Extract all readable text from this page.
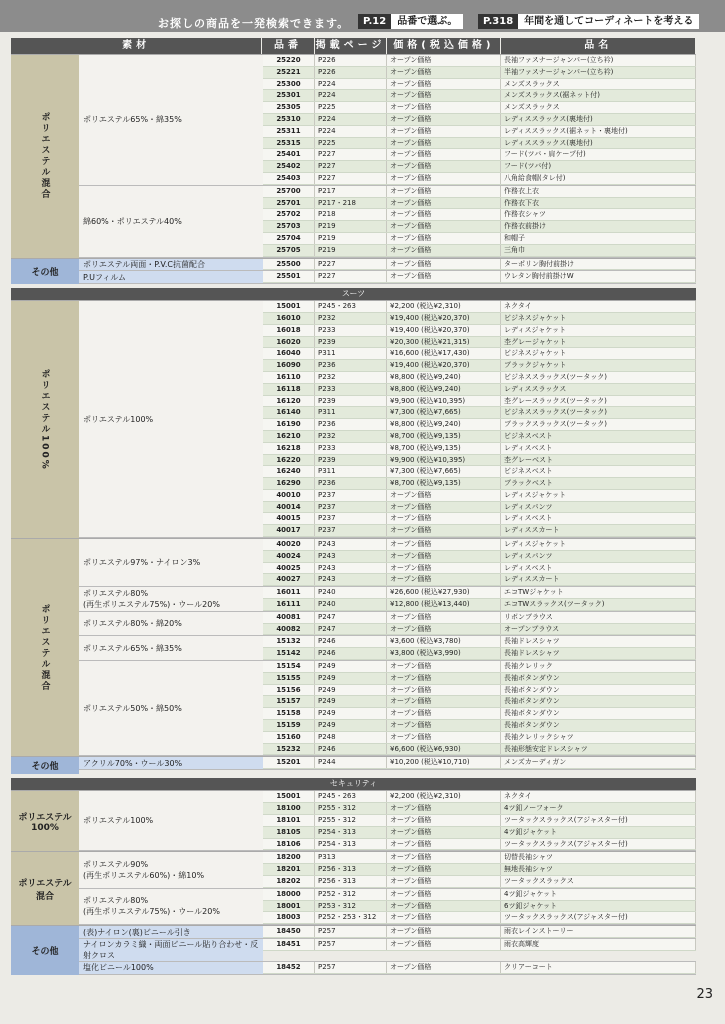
お探しの商品を一発検索できます。	P.12	品番で選ぶ。	P.318	年間を通してコーディネートを考える
素材	品番	掲載ページ 価格(税込価格)	品名
ポリエステル混合	ポリエステル65%・綿35%
25220	P226	オープン価格	長袖ファスナージャンパー(立ち衿)
25221	P226	オープン価格	半袖ファスナージャンパー(立ち衿)
25300	P224	オープン価格	メンズスラックス
25301	P224	オープン価格	メンズスラックス(裾ネット付)
25305	P225	オープン価格	メンズスラックス
25310	P224	オープン価格	レディススラックス(裏地付)
25311	P224	オープン価格	レディススラックス(裾ネット・裏地付)
25315	P225	オープン価格	レディススラックス(裏地付)
25401	P227	オープン価格	フード(ツバ・肩ケープ付)
25402	P227	オープン価格	フード(ツバ付)
25403	P227	オープン価格	八角給食帽(タレ付)
綿60%・ポリエステル40%
25700	P217	オープン価格	作務衣上衣
25701	P217・218	オープン価格	作務衣下衣
25702	P218	オープン価格	作務衣シャツ
25703	P219	オープン価格	作務衣前掛け
25704	P219	オープン価格	和帽子
25705	P219	オープン価格	三角巾
その他
ポリエステル両面・P.V.C抗菌配合	25500	P227	オープン価格	ターポリン胸付前掛け
P.Uフィルム	25501	P227	オープン価格	ウレタン胸付前掛けW
スーツ
ポリエステル100%	ポリエステル100%
15001	P245・263	¥2,200 (税込¥2,310)	ネクタイ
16010	P232	¥19,400 (税込¥20,370)	ビジネスジャケット
16018	P233	¥19,400 (税込¥20,370)	レディスジャケット
16020	P239	¥20,300 (税込¥21,315)	杢グレージャケット
16040	P311	¥16,600 (税込¥17,430)	ビジネスジャケット
16090	P236	¥19,400 (税込¥20,370)	ブラックジャケット
16110	P232	¥8,800 (税込¥9,240)	ビジネススラックス(ツータック)
16118	P233	¥8,800 (税込¥9,240)	レディススラックス
16120	P239	¥9,900 (税込¥10,395)	杢グレースラックス(ツータック)
16140	P311	¥7,300 (税込¥7,665)	ビジネススラックス(ツータック)
16190	P236	¥8,800 (税込¥9,240)	ブラックスラックス(ツータック)
16210	P232	¥8,700 (税込¥9,135)	ビジネスベスト
16218	P233	¥8,700 (税込¥9,135)	レディスベスト
16220	P239	¥9,900 (税込¥10,395)	杢グレーベスト
16240	P311	¥7,300 (税込¥7,665)	ビジネスベスト
16290	P236	¥8,700 (税込¥9,135)	ブラックベスト
40010	P237	オープン価格	レディスジャケット
40014	P237	オープン価格	レディスパンツ
40015	P237	オープン価格	レディスベスト
40017	P237	オープン価格	レディススカート
ポリエステル混合
ポリエステル97%・ナイロン3%
40020	P243	オープン価格	レディスジャケット
40024	P243	オープン価格	レディスパンツ
40025	P243	オープン価格	レディスベスト
40027	P243	オープン価格	レディススカート
ポリエステル80%
(再生ポリエステル75%)・ウール20%
16011	P240	¥26,600 (税込¥27,930)	エコTWジャケット
16111	P240	¥12,800 (税込¥13,440)	エコTWスラックス(ツータック)
ポリエステル80%・綿20%
40081	P247	オープン価格	リボンブラウス
40082	P247	オープン価格	オープンブラウス
ポリエステル65%・綿35%
15132	P246	¥3,600 (税込¥3,780)	長袖ドレスシャツ
15142	P246	¥3,800 (税込¥3,990)	長袖ドレスシャツ
ポリエステル50%・綿50%
15154	P249	オープン価格	長袖クレリック
15155	P249	オープン価格	長袖ボタンダウン
15156	P249	オープン価格	長袖ボタンダウン
15157	P249	オープン価格	長袖ボタンダウン
15158	P249	オープン価格	長袖ボタンダウン
15159	P249	オープン価格	長袖ボタンダウン
15160	P248	オープン価格	長袖クレリックシャツ
15232	P246	¥6,600 (税込¥6,930)	長袖形態安定ドレスシャツ
その他	アクリル70%・ウール30%	15201	P244	¥10,200 (税込¥10,710)	メンズカーディガン
セキュリティ
ポリエステル
100%
ポリエステル100%
15001	P245・263	¥2,200 (税込¥2,310)	ネクタイ
18100	P255・312	オープン価格	4ツ釦ノーフォーク
18101	P255・312	オープン価格	ツータックスラックス(アジャスター付)
18105	P254・313	オープン価格	4ツ釦ジャケット
18106	P254・313	オープン価格	ツータックスラックス(アジャスター付)
ポリエステル
混合
ポリエステル90%
(再生ポリエステル60%)・綿10%
18200	P313	オープン価格	切替長袖シャツ
18201	P256・313	オープン価格	無地長袖シャツ
18202	P256・313	オープン価格	ツータックスラックス
ポリエステル80%
(再生ポリエステル75%)・ウール20%
18000	P252・312	オープン価格	4ツ釦ジャケット
18001	P253・312	オープン価格	6ツ釦ジャケット
18003	P252・253・312	オープン価格	ツータックスラックス(アジャスター付)
その他
(表)ナイロン(裏)ビニール引き	18450	P257	オープン価格	雨衣レインストーリー
ナイロンカラミ織・両面ビニール貼り合わせ・反射クロス
18451	P257	オープン価格	雨衣高輝度
塩化ビニール100%	18452	P257	オープン価格	クリアーコート
23
